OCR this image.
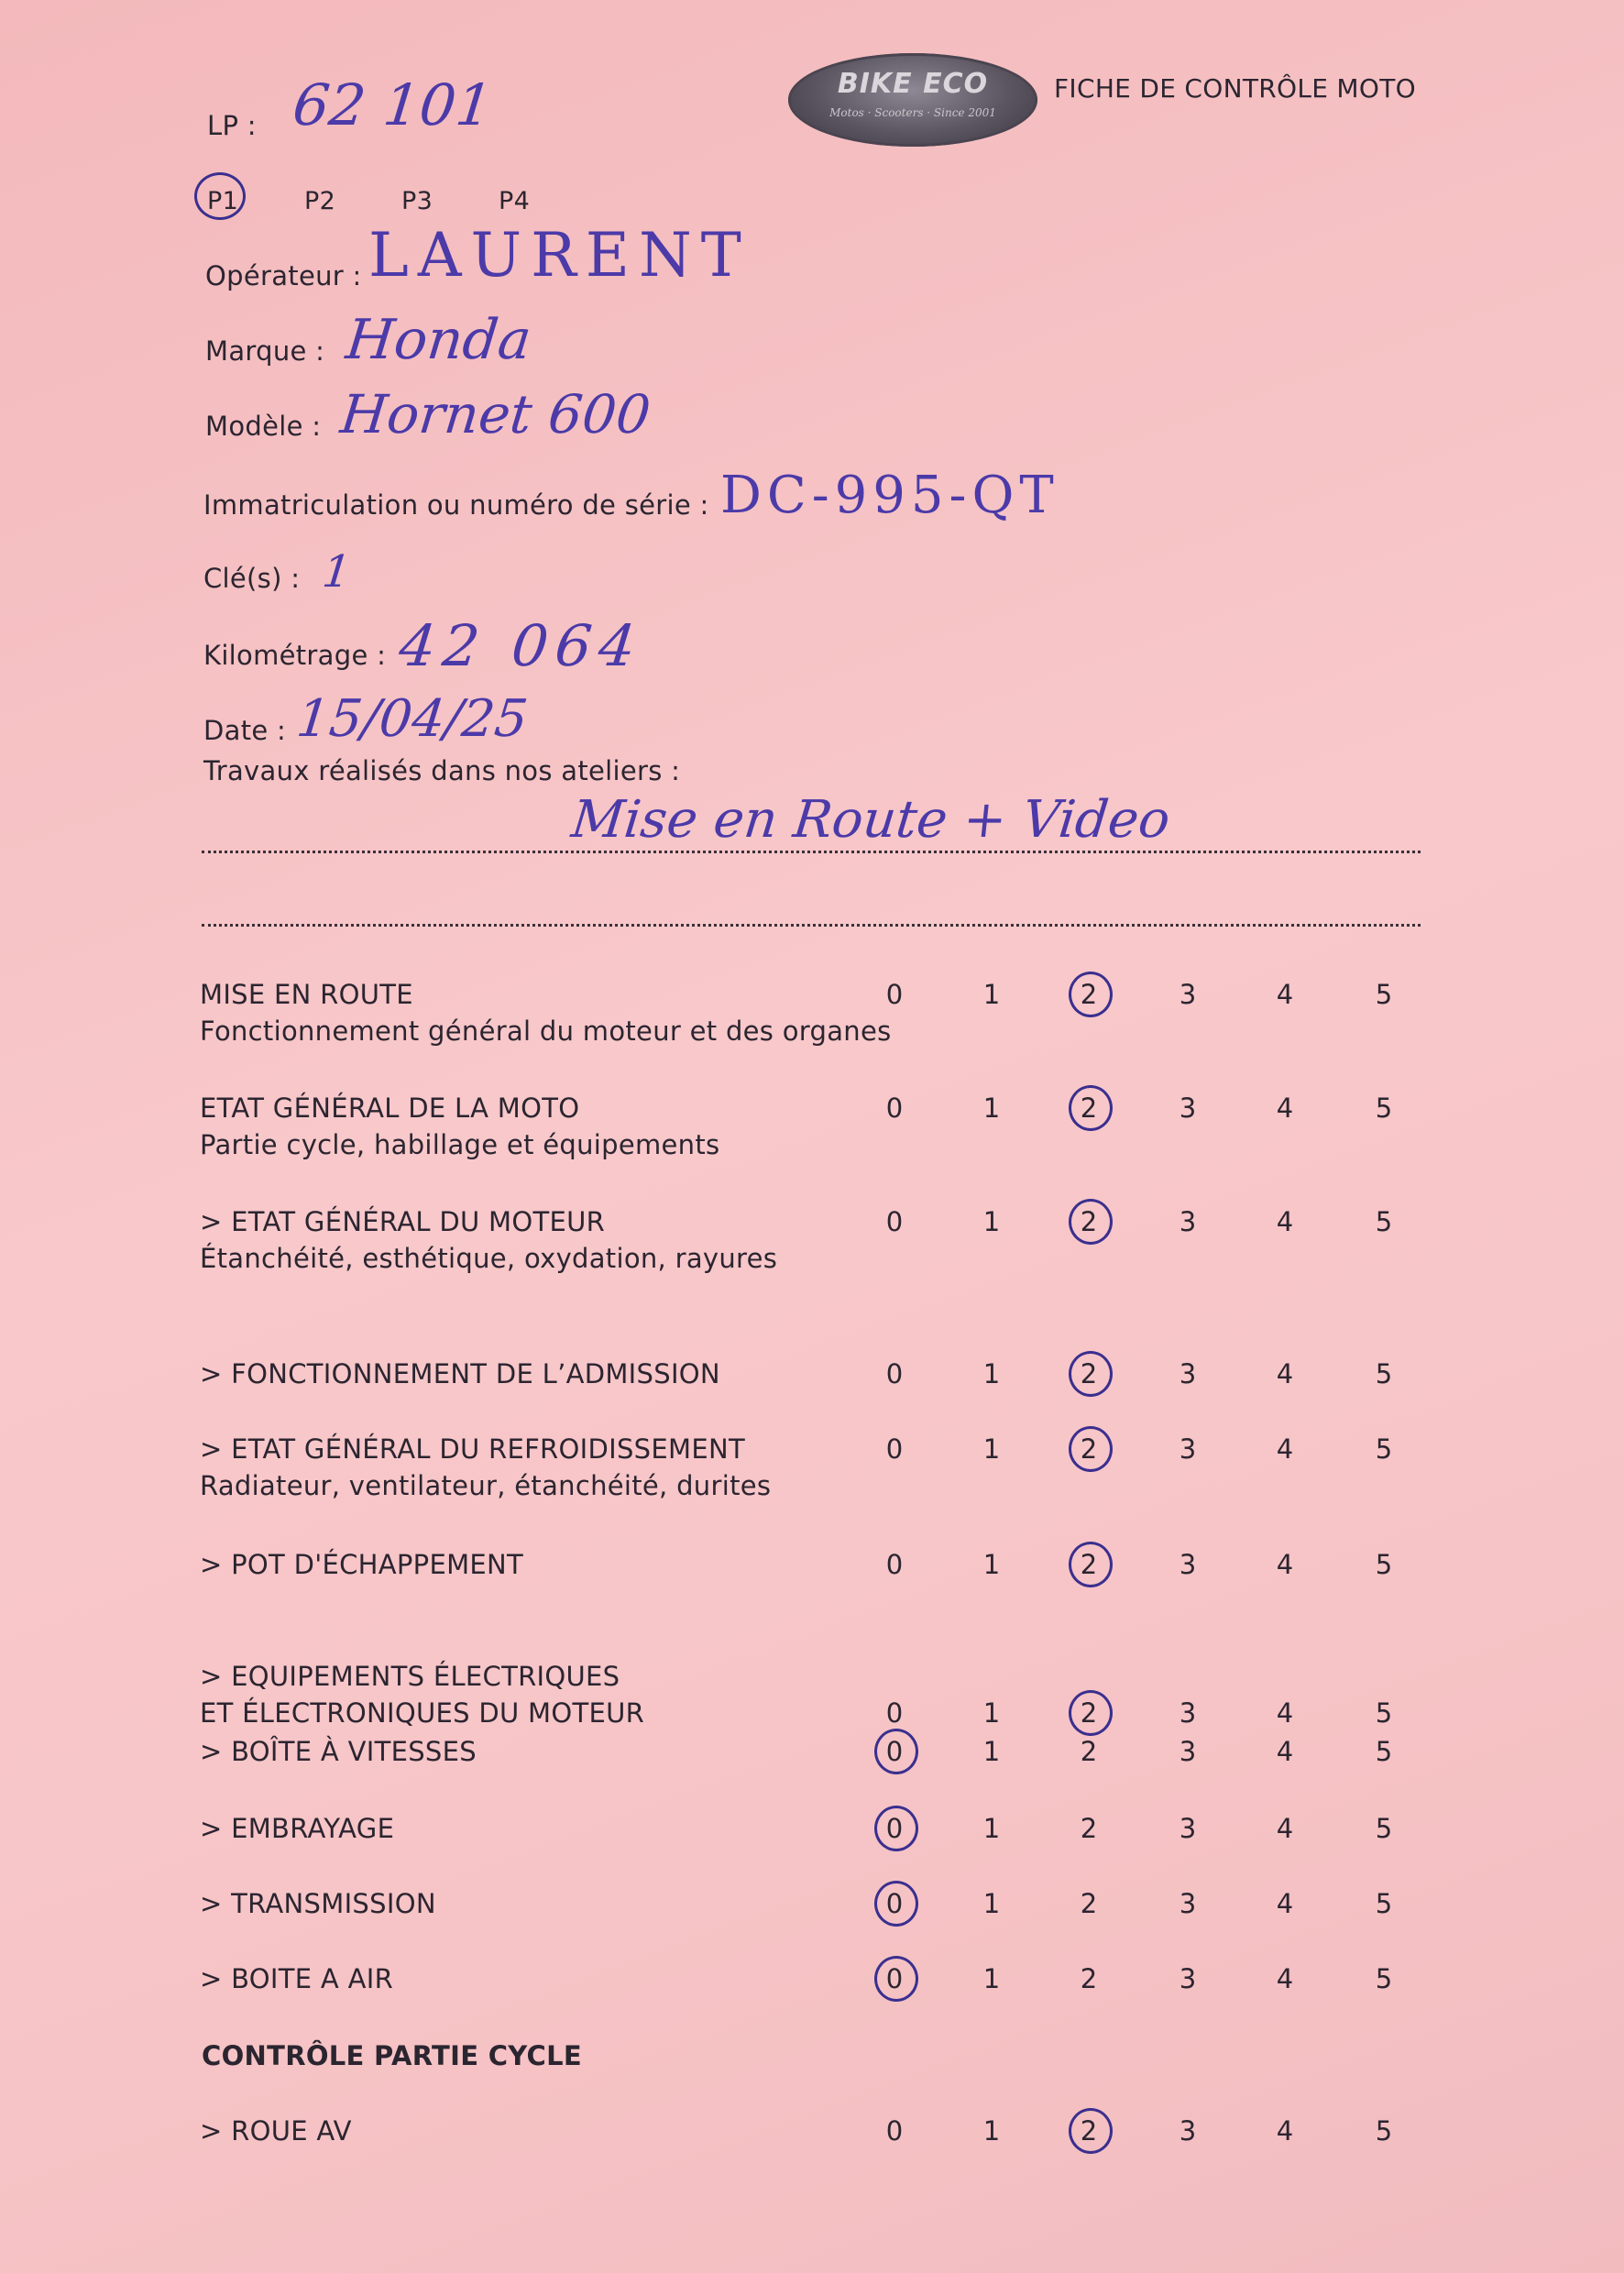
BIKE ECO
Motos · Scooters · Since 2001
FICHE DE CONTRÔLE MOTO
LP : 62 101
P1	P2	P3	P4
Opérateur : LAURENT
Marque : Honda
Modèle : Hornet 600
Immatriculation ou numéro de série : DC-995-QT
Clé(s) : 1
Kilométrage : 42 064
Date : 15/04/25
Travaux réalisés dans nos ateliers :
Mise en Route + Video
MISE EN ROUTE
Fonctionnement général du moteur et des organes
0	1	2	3	4	5
ETAT GÉNÉRAL DE LA MOTO
Partie cycle, habillage et équipements
0	1	2	3	4	5
> ETAT GÉNÉRAL DU MOTEUR
Étanchéité, esthétique, oxydation, rayures
0	1	2	3	4	5
> FONCTIONNEMENT DE L’ADMISSION	0	1	2	3	4	5
> ETAT GÉNÉRAL DU REFROIDISSEMENT
Radiateur, ventilateur, étanchéité, durites
0	1	2	3	4	5
> POT D'ÉCHAPPEMENT	0	1	2	3	4	5
> EQUIPEMENTS ÉLECTRIQUES
ET ÉLECTRONIQUES DU MOTEUR	0	1	2	3	4	5
> BOÎTE À VITESSES	0	1	2	3	4	5
> EMBRAYAGE	0	1	2	3	4	5
> TRANSMISSION	0	1	2	3	4	5
> BOITE A AIR	0	1	2	3	4	5
CONTRÔLE PARTIE CYCLE
> ROUE AV	0	1	2	3	4	5
